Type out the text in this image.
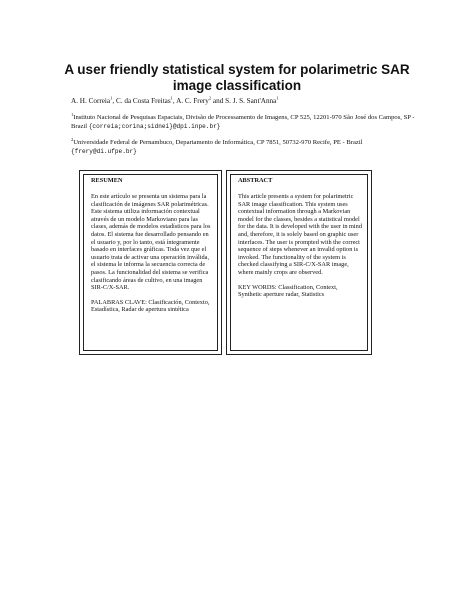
A user friendly statistical system for polarimetric SAR image classification
A. H. Correia$^1$, C. da Costa Freitas$^1$, A. C. Frery$^2$ and S. J. S. Sant'Anna$^1$
$^1$Instituto Nacional de Pesquisas Espaciais, Divisão de Processamento de Imagens, CP 525, 12201-970 São José dos Campos, SP - Brazil {correia;corina;sidnei}@dpi.inpe.br}
$^2$Universidade Federal de Pernambuco, Departamento de Informática, CP 7851, 50732-970 Recife, PE - Brazil {frery@di.ufpe.br}
RESUMEN

En este artículo se presenta un sistema para la clasificación de imágenes SAR polarimétricas. Este sistema utiliza información contextual através de un modelo Markoviano para las clases, además de modelos estadísticos para los datos. El sistema fue desarrollado pensando en el usuario y, por lo tanto, está íntegramente basado en interfaces gráficas. Toda vez que el usuario trata de activar una operación inválida, el sistema le informa la secuencia correcta de pasos. La funcionalidad del sistema se verifica clasificando áreas de cultivo, en una imagen SIR-C/X-SAR.

PALABRAS CLAVE: Clasificación, Contexto, Estadística, Radar de apertura sintética

ABSTRACT

This article presents a system for polarimetric SAR image classification. This system uses contextual information through a Markovian model for the classes, besides a statistical model for the data. It is developed with the user in mind and, therefore, it is solely based on graphic user interfaces. The user is prompted with the correct sequence of steps whenever an invalid option is invoked. The functionality of the system is checked classifying a SIR-C/X-SAR image, where mainly crops are observed.

KEY WORDS: Classification, Context, Synthetic aperture radar, Statistics
